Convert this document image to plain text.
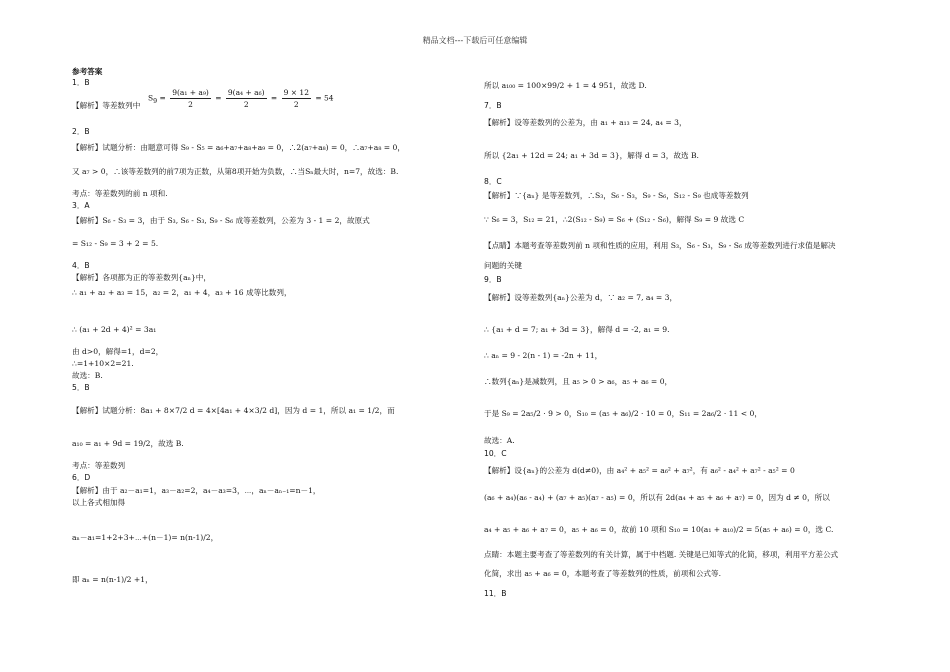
精品文档---下载后可任意编辑
参考答案
1．B
【解析】等差数列中
$S_9 = \frac{\text{9(a₁ + a₉)}}{2} = \frac{\text{9(a₄ + a₆)}}{2} = \frac{9 \times 12}{2} = 54$
2．B
【解析】试题分析：由题意可得 S₉ - S₅ = a₆+a₇+a₈+a₉ = 0，∴2(a₇+a₈) = 0，∴a₇+a₈ = 0，
又 a₇ > 0，∴该等差数列的前7项为正数，从第8项开始为负数，∴当Sₙ最大时，n=7，故选：B.
考点：等差数列的前 n 项和.
3．A
【解析】S₆ - S₃ = 3，由于 S₃, S₆ - S₃, S₉ - S₆ 成等差数列，公差为 3 - 1 = 2，故原式
= S₁₂ - S₉ = 3 + 2 = 5.
4．B
【解析】各项都为正的等差数列{aₙ}中，
∴ a₁ + a₂ + a₃ = 15，a₂ = 2，a₁ + 4，a₃ + 16 成等比数列，
∴ (a₁ + 2d + 4)² = 3a₁
由 d>0，解得=1，d=2，
∴=1+10×2=21.
故选：B.
5．B
【解析】试题分析：8a₁ + 8×7/2 d = 4×[4a₁ + 4×3/2 d]，因为 d = 1，所以 a₁ = 1/2，而
a₁₀ = a₁ + 9d = 19/2，故选 B.
考点：等差数列
6．D
【解析】由于 a₂－a₁=1，a₃－a₂=2，a₄－a₃=3，⋯，aₙ－aₙ₋₁=n－1，
以上各式相加得
aₙ－a₁=1+2+3+⋯+(n－1)= n(n-1)/2，
即 aₙ = n(n-1)/2 +1，
所以 a₁₀₀ = 100×99/2 + 1 = 4 951，故选 D.
7．B
【解析】设等差数列的公差为，由 a₁ + a₁₃ = 24, a₄ = 3，
所以 {2a₁ + 12d = 24; a₁ + 3d = 3}，解得 d = 3，故选 B.
8．C
【解析】∵{aₙ} 是等差数列，∴S₃，S₆ - S₃，S₉ - S₆，S₁₂ - S₉ 也成等差数列
∵ S₆ = 3，S₁₂ = 21，∴2(S₁₂ - S₉) = S₆ + (S₁₂ - S₆)，解得 S₉ = 9 故选 C
【点睛】本题考查等差数列前 n 项和性质的应用，利用 S₃，S₆ - S₃，S₉ - S₆ 成等差数列进行求值是解决
问题的关键
9．B
【解析】设等差数列{aₙ}公差为 d，∵ a₂ = 7, a₄ = 3，
∴ {a₁ + d = 7; a₁ + 3d = 3}，解得 d = -2, a₁ = 9.
∴ aₙ = 9 - 2(n - 1) = -2n + 11，
∴数列{aₙ}是减数列，且 a₅ > 0 > a₆，a₅ + a₆ = 0，
于是 S₉ = 2a₅/2 · 9 > 0，S₁₀ = (a₅ + a₆)/2 · 10 = 0，S₁₁ = 2a₆/2 · 11 < 0，
故选：A.
10．C
【解析】设{aₙ}的公差为 d(d≠0)，由 a₄² + a₅² = a₆² + a₇²，有 a₆² - a₄² + a₇² - a₅² = 0
(a₆ + a₄)(a₆ - a₄) + (a₇ + a₅)(a₇ - a₅) = 0，所以有 2d(a₄ + a₅ + a₆ + a₇) = 0，因为 d ≠ 0，所以
a₄ + a₅ + a₆ + a₇ = 0，a₅ + a₆ = 0，故前 10 项和 S₁₀ = 10(a₁ + a₁₀)/2 = 5(a₅ + a₆) = 0，选 C.
点睛：本题主要考查了等差数列的有关计算，属于中档题. 关键是已知等式的化简，移项，利用平方差公式
化简，求出 a₅ + a₆ = 0，本题考查了等差数列的性质，前项和公式等.
11．B
